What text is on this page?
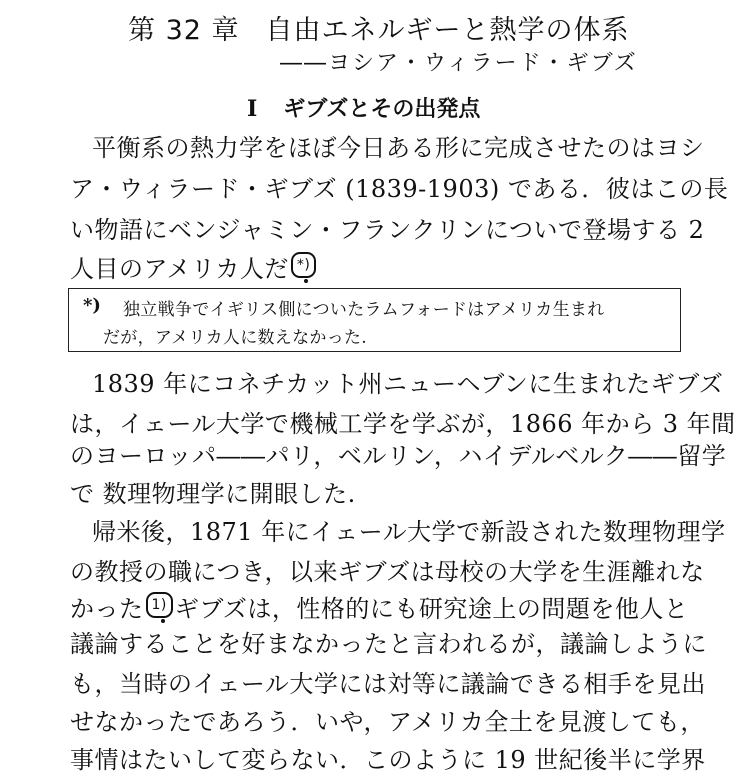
第 32 章 自由エネルギーと熱学の体系
――ヨシア・ウィラード・ギブズ
I ギブズとその出発点
平衡系の熱力学をほぼ今日ある形に完成させたのはヨシ
ア・ウィラード・ギブズ (1839-1903) である．彼はこの長
い物語にベンジャミン・フランクリンについで登場する 2
人目のアメリカ人だ *)
*) 独立戦争でイギリス側についたラムフォードはアメリカ生まれ
だが，アメリカ人に数えなかった.
1839 年にコネチカット州ニューヘブンに生まれたギブズ
は，イェール大学で機械工学を学ぶが，1866 年から 3 年間
のヨーロッパ――パリ，ベルリン，ハイデルベルク――留学
で 数理物理学に開眼した.
帰米後，1871 年にイェール大学で新設された数理物理学
の教授の職につき，以来ギブズは母校の大学を生涯離れな
かった 1) ギブズは，性格的にも研究途上の問題を他人と
議論することを好まなかったと言われるが，議論しように
も，当時のイェール大学には対等に議論できる相手を見出
せなかったであろう．いや，アメリカ全土を見渡しても，
事情はたいして変らない．このように 19 世紀後半に学界
